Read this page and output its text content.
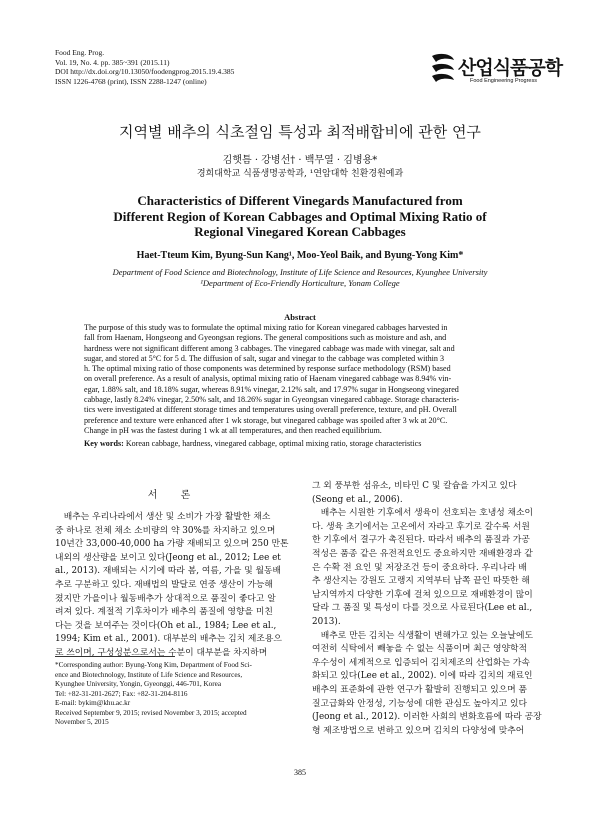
Food Eng. Prog.
Vol. 19, No. 4. pp. 385~391 (2015.11)
DOI http://dx.doi.org/10.13050/foodengprog.2015.19.4.385
ISSN 1226-4768 (print), ISSN 2288-1247 (online)
산업식품공학
Food Engineering Progress
지역별 배추의 식초절임 특성과 최적배합비에 관한 연구
김햇틈 · 강병선† · 백무열 · 김병용*
경희대학교 식품생명공학과, ¹연암대학 친환경원예과
Characteristics of Different Vinegards Manufactured from
Different Region of Korean Cabbages and Optimal Mixing Ratio of
Regional Vinegared Korean Cabbages
Haet-Tteum Kim, Byung-Sun Kang¹, Moo-Yeol Baik, and Byung-Yong Kim*
Department of Food Science and Biotechnology, Institute of Life Science and Resources, Kyunghee University
¹Department of Eco-Friendly Horticulture, Yonam College
Abstract
The purpose of this study was to formulate the optimal mixing ratio for Korean vinegared cabbages harvested in
fall from Haenam, Hongseong and Gyeongsan regions. The general compositions such as moisture and ash, and
hardness were not significant different among 3 cabbages. The vinegared cabbage was made with vinegar, salt and
sugar, and stored at 5°C for 5 d. The diffusion of salt, sugar and vinegar to the cabbage was completed within 3
h. The optimal mixing ratio of those components was determined by response surface methodology (RSM) based
on overall preference. As a result of analysis, optimal mixing ratio of Haenam vinegared cabbage was 8.94% vin-
egar, 1.88% salt, and 18.18% sugar, whereas 8.91% vinegar, 2.12% salt, and 17.97% sugar in Hongseong vinegared
cabbage, lastly 8.24% vinegar, 2.50% salt, and 18.26% sugar in Gyeongsan vinegared cabbage. Storage characteris-
tics were investigated at different storage times and temperatures using overall preference, texture, and pH. Overall
preference and texture were enhanced after 1 wk storage, but vinegared cabbage was spoiled after 3 wk at 20°C.
Change in pH was the fastest during 1 wk at all temperatures, and then reached equilibrium.
Key words: Korean cabbage, hardness, vinegared cabbage, optimal mixing ratio, storage characteristics
서 론
배추는 우리나라에서 생산 및 소비가 가장 활발한 채소
중 하나로 전체 채소 소비량의 약 30%를 차지하고 있으며
10년간 33,000-40,000 ha 가량 재배되고 있으며 250 만톤
내외의 생산량을 보이고 있다(Jeong et al., 2012; Lee et
al., 2013). 재배되는 시기에 따라 봄, 여름, 가을 및 월동배
추로 구분하고 있다. 재배법의 발달로 연중 생산이 가능해
졌지만 가을이나 월동배추가 상대적으로 품질이 좋다고 알
려져 있다. 계절적 기후차이가 배추의 품질에 영향을 미친
다는 것을 보여주는 것이다(Oh et al., 1984; Lee et al.,
1994; Kim et al., 2001). 대부분의 배추는 김치 제조용으
로 쓰이며, 구성성분으로서는 수분이 대부분을 차지하며
*Corresponding author: Byung-Yong Kim, Department of Food Sci-
ence and Biotechnology, Institute of Life Science and Resources,
Kyunghee University, Yongin, Gyeonggi, 446-701, Korea
Tel: +82-31-201-2627; Fax: +82-31-204-8116
E-mail: bykim@khu.ac.kr
Received September 9, 2015; revised November 3, 2015; accepted
November 5, 2015
그 외 풍부한 섬유소, 비타민 C 및 칼슘을 가지고 있다
(Seong et al., 2006).
배추는 시원한 기후에서 생육이 선호되는 호냉성 채소이
다. 생육 초기에서는 고온에서 자라고 후기로 갈수록 서원
한 기후에서 결구가 촉진된다. 따라서 배추의 품질과 가공
적성은 품종 같은 유전적요인도 중요하지만 재배환경과 같
은 수확 전 요인 및 저장조건 등이 중요하다. 우리나라 배
추 생산지는 강원도 고랭지 지역부터 남쪽 끝인 따뜻한 해
남지역까지 다양한 기후에 걸쳐 있으므로 재배환경이 많이
달라 그 품질 및 특성이 다를 것으로 사료된다(Lee et al.,
2013).
배추로 만든 김치는 식생활이 변해가고 있는 오늘날에도
여전히 식탁에서 빼놓을 수 없는 식품이며 최근 영양학적
우수성이 세계적으로 입증되어 김치제조의 산업화는 가속
화되고 있다(Lee et al., 2002). 이에 따라 김치의 재료인
배추의 표준화에 관한 연구가 활발히 진행되고 있으며 품
질고급화와 안정성, 기능성에 대한 관심도 높아지고 있다
(Jeong et al., 2012). 이러한 사회의 변화흐름에 따라 공장
형 제조방법으로 변하고 있으며 김치의 다양성에 맞추어
385
